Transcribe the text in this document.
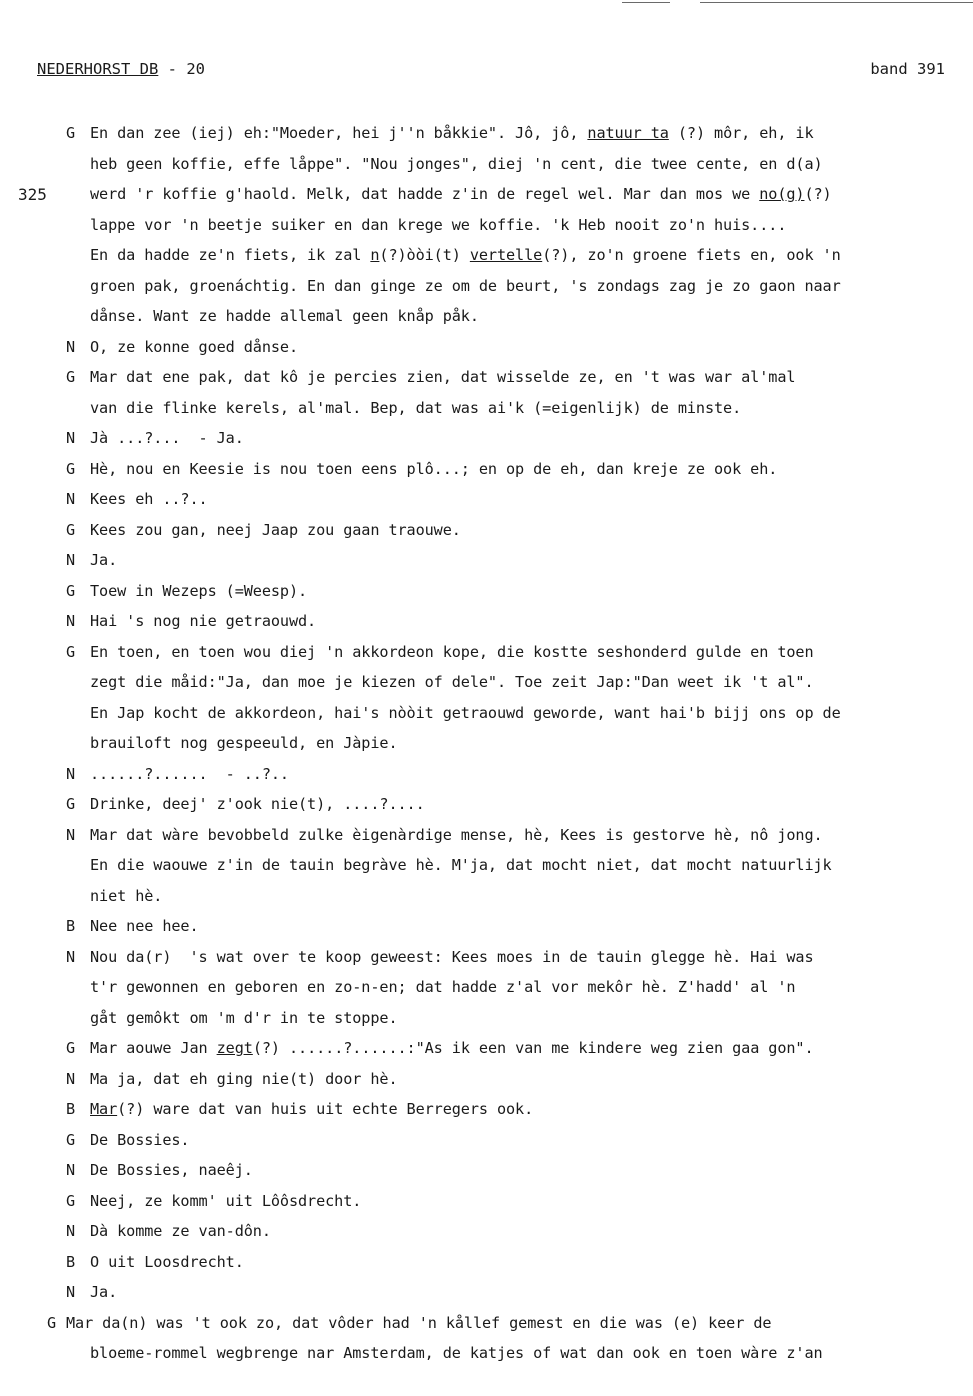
NEDERHORST DB - 20	band 391
325
G En dan zee (iej) eh:"Moeder, hei j''n båkkie". Jô, jô, natuur ta (?) môr, eh, ik
heb geen koffie, effe låppe". "Nou jonges", diej 'n cent, die twee cente, en d(a)
werd 'r koffie g'haold. Melk, dat hadde z'in de regel wel. Mar dan mos we no(g)(?)
lappe vor 'n beetje suiker en dan krege we koffie. 'k Heb nooit zo'n huis....
En da hadde ze'n fiets, ik zal n(?)òòi(t) vertelle(?), zo'n groene fiets en, ook 'n
groen pak, groenáchtig. En dan ginge ze om de beurt, 's zondags zag je zo gaon naar
dånse. Want ze hadde allemal geen knåp påk.
N O, ze konne goed dånse.
G Mar dat ene pak, dat kô je percies zien, dat wisselde ze, en 't was war al'mal
van die flinke kerels, al'mal. Bep, dat was ai'k (=eigenlijk) de minste.
N Jà ...?...  - Ja.
G Hè, nou en Keesie is nou toen eens plô...; en op de eh, dan kreje ze ook eh.
N Kees eh ..?..
G Kees zou gan, neej Jaap zou gaan traouwe.
N Ja.
G Toew in Wezeps (=Weesp).
N Hai 's nog nie getraouwd.
G En toen, en toen wou diej 'n akkordeon kope, die kostte seshonderd gulde en toen
zegt die måid:"Ja, dan moe je kiezen of dele". Toe zeit Jap:"Dan weet ik 't al".
En Jap kocht de akkordeon, hai's nòòit getraouwd geworde, want hai'b bijj ons op de
brauiloft nog gespeeuld, en Jàpie.
N ......?......  - ..?..
G Drinke, deej' z'ook nie(t), ....?....
N Mar dat wàre bevobbeld zulke èigenàrdige mense, hè, Kees is gestorve hè, nô jong.
En die waouwe z'in de tauin begràve hè. M'ja, dat mocht niet, dat mocht natuurlijk
niet hè.
B Nee nee hee.
N Nou da(r)  's wat over te koop geweest: Kees moes in de tauin glegge hè. Hai was
t'r gewonnen en geboren en zo-n-en; dat hadde z'al vor mekôr hè. Z'hadd' al 'n
gåt gemôkt om 'm d'r in te stoppe.
G Mar aouwe Jan zegt(?) ......?......:"As ik een van me kindere weg zien gaa gon".
N Ma ja, dat eh ging nie(t) door hè.
B Mar(?) ware dat van huis uit echte Berregers ook.
G De Bossies.
N De Bossies, naeêj.
G Neej, ze komm' uit Lôôsdrecht.
N Dà komme ze van-dôn.
B O uit Loosdrecht.
N Ja.
G Mar da(n) was 't ook zo, dat vôder had 'n kållef gemest en die was (e) keer de
bloeme-rommel wegbrenge nar Amsterdam, de katjes of wat dan ook en toen wàre z'an
